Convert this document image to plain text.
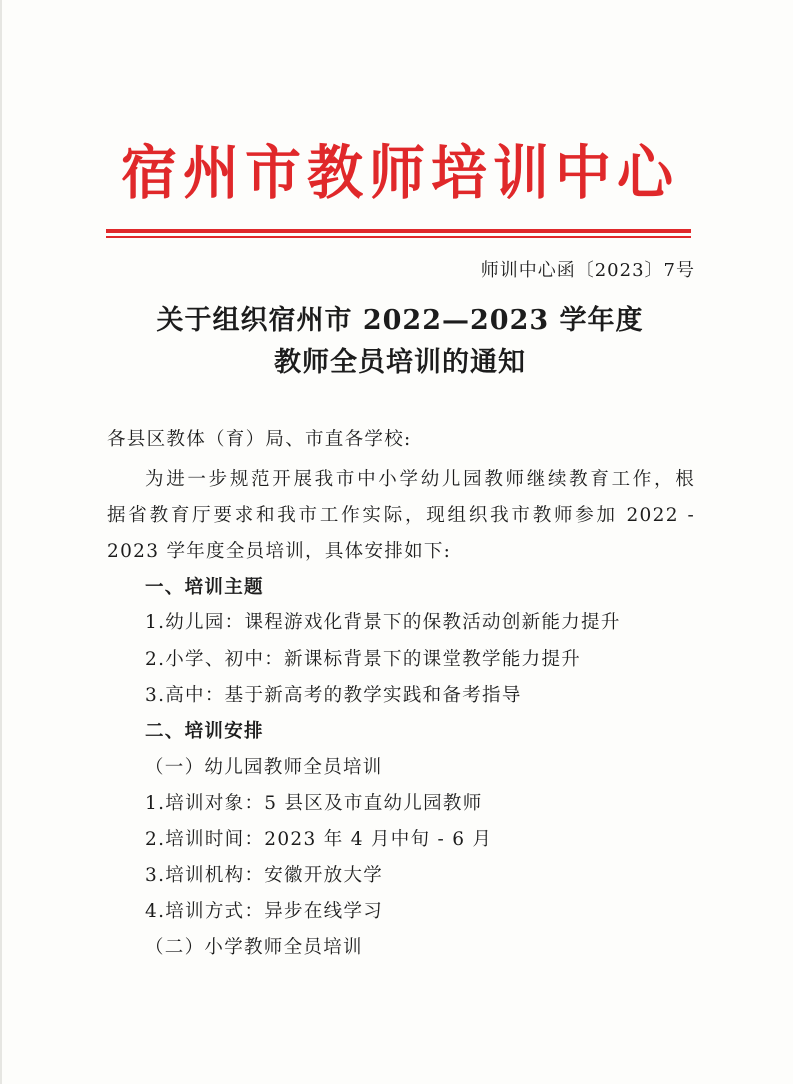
宿州市教师培训中心
师训中心函〔2023〕7号
关于组织宿州市 2022—2023 学年度
教师全员培训的通知
各县区教体（育）局、市直各学校:
为进一步规范开展我市中小学幼儿园教师继续教育工作，根
据省教育厅要求和我市工作实际，现组织我市教师参加 2022 -
2023 学年度全员培训，具体安排如下:
一、培训主题
1.幼儿园：课程游戏化背景下的保教活动创新能力提升
2.小学、初中：新课标背景下的课堂教学能力提升
3.高中：基于新高考的教学实践和备考指导
二、培训安排
（一）幼儿园教师全员培训
1.培训对象：5 县区及市直幼儿园教师
2.培训时间：2023 年 4 月中旬 - 6 月
3.培训机构：安徽开放大学
4.培训方式：异步在线学习
（二）小学教师全员培训
